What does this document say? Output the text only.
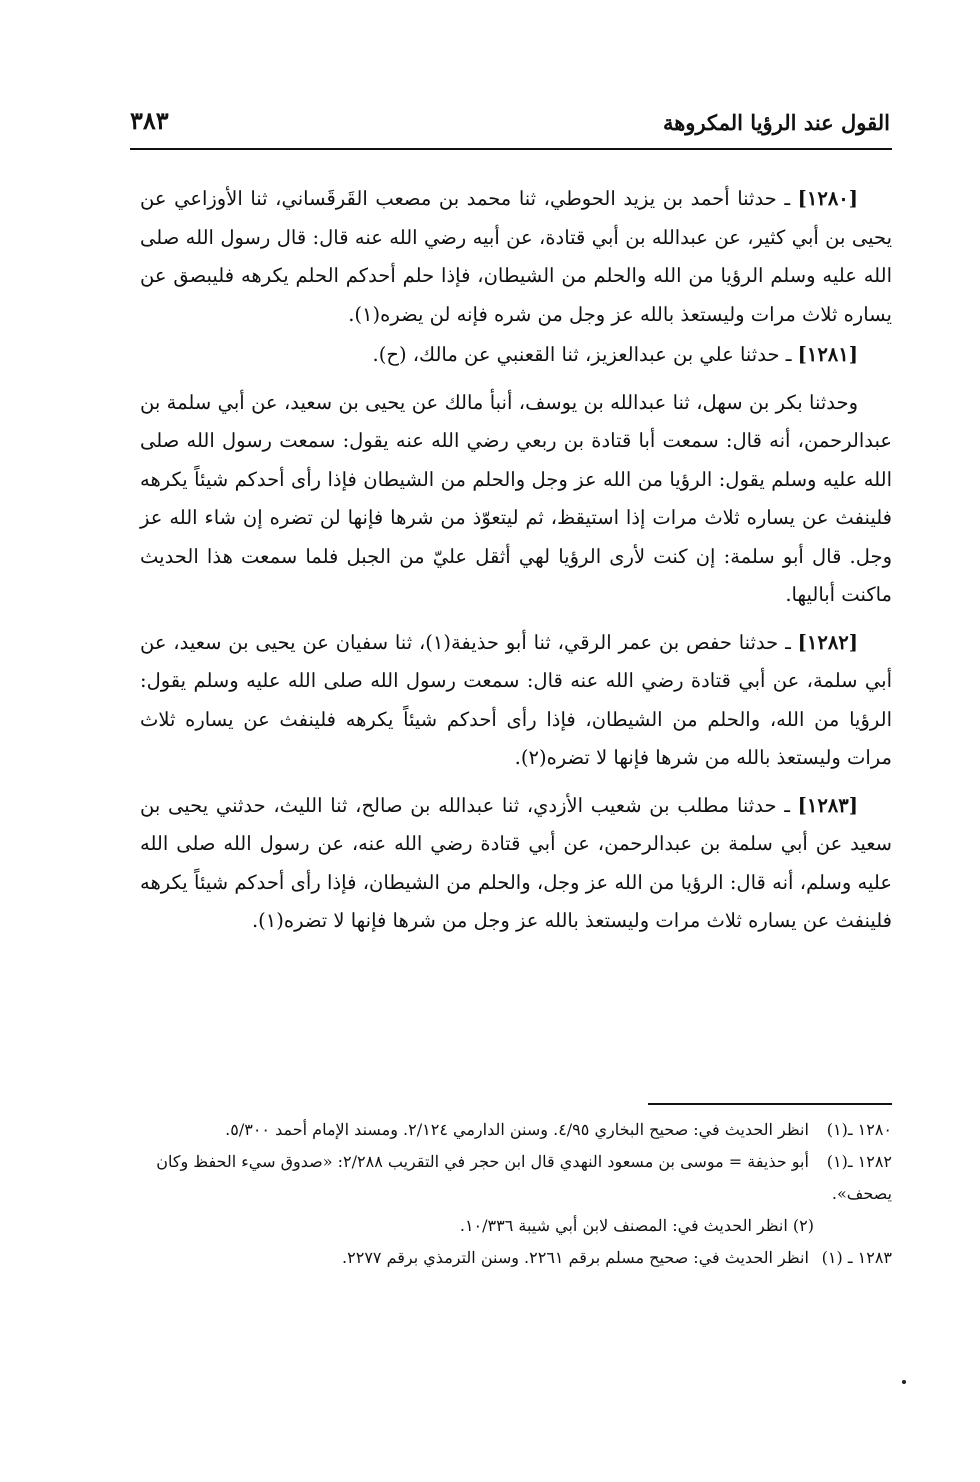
القول عند الرؤيا المكروهة
٣٨٣

[١٢٨٠] ـ حدثنا أحمد بن يزيد الحوطي، ثنا محمد بن مصعب القَرقَساني، ثنا الأوزاعي عن يحيى بن أبي كثير، عن عبدالله بن أبي قتادة، عن أبيه رضي الله عنه قال: قال رسول الله صلى الله عليه وسلم الرؤيا من الله والحلم من الشيطان، فإذا حلم أحدكم الحلم يكرهه فليبصق عن يساره ثلاث مرات وليستعذ بالله عز وجل من شره فإنه لن يضره(١).

[١٢٨١] ـ حدثنا علي بن عبدالعزيز، ثنا القعنبي عن مالك، (ح).

وحدثنا بكر بن سهل، ثنا عبدالله بن يوسف، أنبأ مالك عن يحيى بن سعيد، عن أبي سلمة بن عبدالرحمن، أنه قال: سمعت أبا قتادة بن ربعي رضي الله عنه يقول: سمعت رسول الله صلى الله عليه وسلم يقول: الرؤيا من الله عز وجل والحلم من الشيطان فإذا رأى أحدكم شيئاً يكرهه فلينفث عن يساره ثلاث مرات إذا استيقظ، ثم ليتعوّذ من شرها فإنها لن تضره إن شاء الله عز وجل. قال أبو سلمة: إن كنت لأرى الرؤيا لهي أثقل عليّ من الجبل فلما سمعت هذا الحديث ماكنت أباليها.

[١٢٨٢] ـ حدثنا حفص بن عمر الرقي، ثنا أبو حذيفة(١)، ثنا سفيان عن يحيى بن سعيد، عن أبي سلمة، عن أبي قتادة رضي الله عنه قال: سمعت رسول الله صلى الله عليه وسلم يقول: الرؤيا من الله، والحلم من الشيطان، فإذا رأى أحدكم شيئاً يكرهه فلينفث عن يساره ثلاث مرات وليستعذ بالله من شرها فإنها لا تضره(٢).

[١٢٨٣] ـ حدثنا مطلب بن شعيب الأزدي، ثنا عبدالله بن صالح، ثنا الليث، حدثني يحيى بن سعيد عن أبي سلمة بن عبدالرحمن، عن أبي قتادة رضي الله عنه، عن رسول الله صلى الله عليه وسلم، أنه قال: الرؤيا من الله عز وجل، والحلم من الشيطان، فإذا رأى أحدكم شيئاً يكرهه فلينفث عن يساره ثلاث مرات وليستعذ بالله عز وجل من شرها فإنها لا تضره(١).

١٢٨٠ ـ(١) انظر الحديث في: صحيح البخاري ٤/٩٥. وسنن الدارمي ٢/١٢٤. ومسند الإمام أحمد ٥/٣٠٠.

١٢٨٢ ـ(١) أبو حذيفة = موسى بن مسعود النهدي قال ابن حجر في التقريب ٢/٢٨٨: «صدوق سيء الحفظ وكان يصحف».

(٢) انظر الحديث في: المصنف لابن أبي شيبة ١٠/٣٣٦.

١٢٨٣ ـ (١) انظر الحديث في: صحيح مسلم برقم ٢٢٦١. وسنن الترمذي برقم ٢٢٧٧.
